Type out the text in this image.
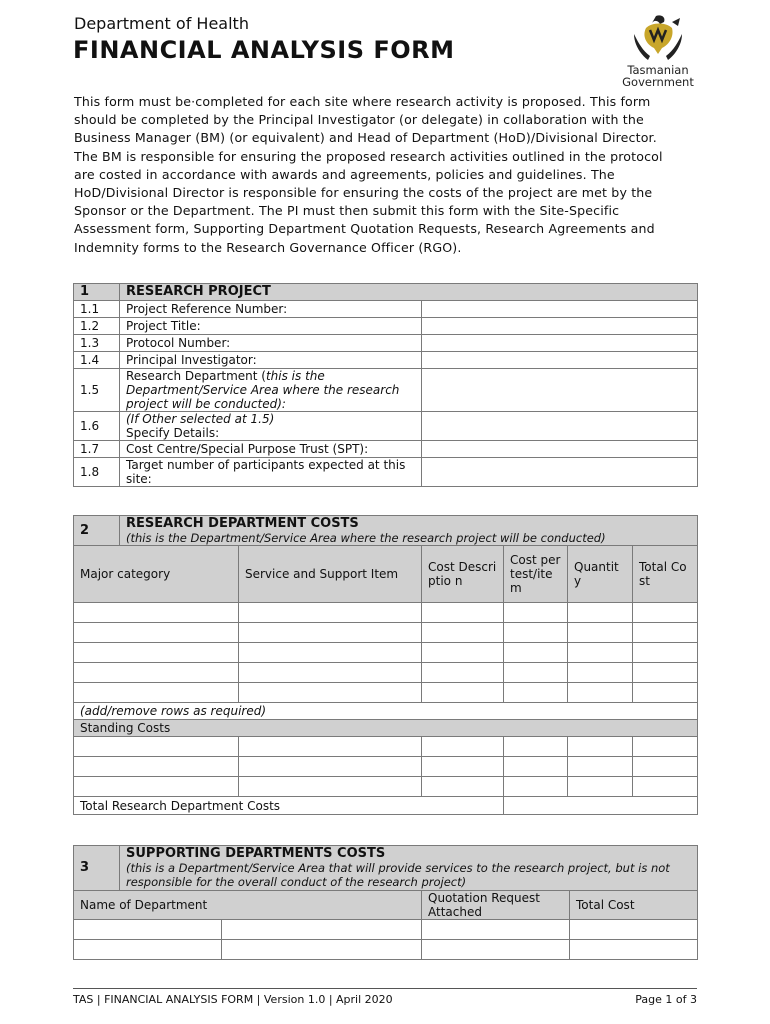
Department of Health
FINANCIAL ANALYSIS FORM
Tasmanian
Government
This form must be·completed for each site where research activity is proposed. This form should be completed by the Principal Investigator (or delegate) in collaboration with the Business Manager (BM) (or equivalent) and Head of Department (HoD)/Divisional Director. The BM is responsible for ensuring the proposed research activities outlined in the protocol are costed in accordance with awards and agreements, policies and guidelines. The HoD/Divisional Director is responsible for ensuring the costs of the project are met by the Sponsor or the Department. The PI must then submit this form with the Site-Specific Assessment form, Supporting Department Quotation Requests, Research Agreements and Indemnity forms to the Research Governance Officer (RGO).
1	RESEARCH PROJECT	
1.1	Project Reference Number:	
1.2	Project Title:	
1.3	Protocol Number:	
1.4	Principal Investigator:	
1.5	Research Department (this is the Department/Service Area where the research project will be conducted):	
1.6	(If Other selected at 1.5)
Specify Details:	

1.7	Cost Centre/Special Purpose Trust (SPT):	
1.8	Target number of participants expected at this site:	
2	RESEARCH DEPARTMENT COSTS
(this is the Department/Service Area where the research project will be conducted)					

Major category		Service and Support Item	Cost Descriptio n	Cost per test/ite m	Quantit y	Total Cost

(add/remove rows as required)						
Standing Costs						

Total Research Department Costs						
3	SUPPORTING DEPARTMENTS COSTS
(this is a Department/Service Area that will provide services to the research project, but is not responsible for the overall conduct of the research project)			

Name of Department			Quotation Request Attached	Total Cost

TAS | FINANCIAL ANALYSIS FORM | Version 1.0 | April 2020	Page 1 of 3
